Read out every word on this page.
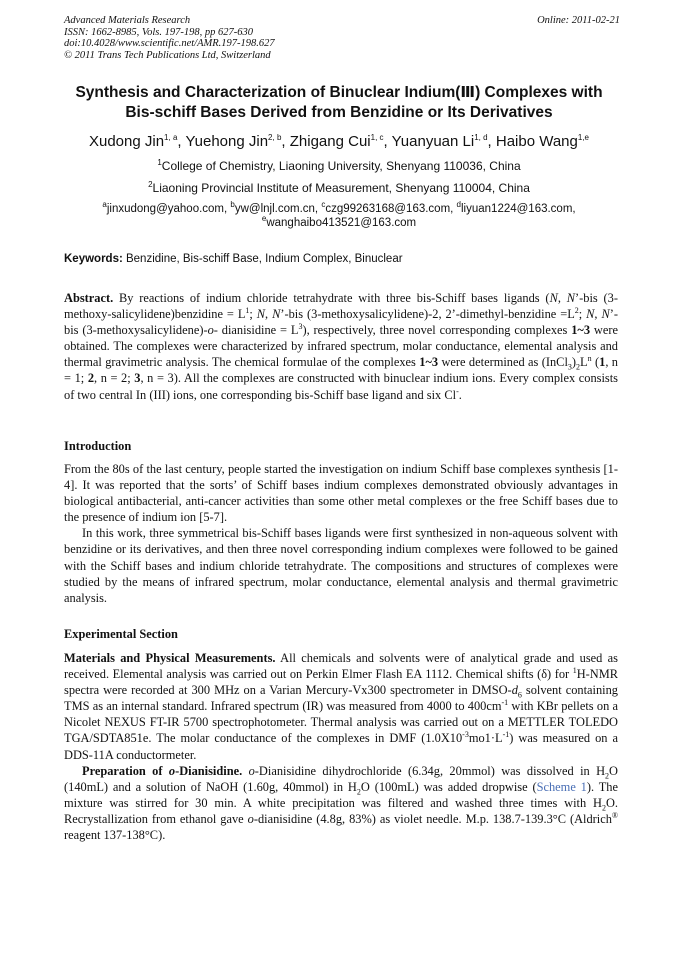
Advanced Materials Research
ISSN: 1662-8985, Vols. 197-198, pp 627-630
doi:10.4028/www.scientific.net/AMR.197-198.627
© 2011 Trans Tech Publications Ltd, Switzerland
Online: 2011-02-21
Synthesis and Characterization of Binuclear Indium(Ⅲ) Complexes with
Bis-schiff Bases Derived from Benzidine or Its Derivatives
Xudong Jin$^{1, a}$, Yuehong Jin$^{2, b}$, Zhigang Cui$^{1, c}$, Yuanyuan Li$^{1, d}$, Haibo Wang$^{1,e}$
$^1$College of Chemistry, Liaoning University, Shenyang 110036, China
$^2$Liaoning Provincial Institute of Measurement, Shenyang 110004, China
$^a$jinxudong@yahoo.com, $^b$yw@lnjl.com.cn, $^c$czg99263168@163.com, $^d$liyuan1224@163.com,
$^e$wanghaibo413521@163.com
Keywords: Benzidine, Bis-schiff Base, Indium Complex, Binuclear
Abstract. By reactions of indium chloride tetrahydrate with three bis-Schiff bases ligands (N, N’-bis (3-methoxy-salicylidene)benzidine = $L^1$; N, N’-bis (3-methoxysalicylidene)-2, 2’-dimethyl-benzidine $=L^2$; N, N’-bis (3-methoxysalicylidene)-o- dianisidine = $L^3$), respectively, three novel corresponding complexes 1~3 were obtained. The complexes were characterized by infrared spectrum, molar conductance, elemental analysis and thermal gravimetric analysis. The chemical formulae of the complexes 1~3 were determined as $(InCl_3)_2L^n$ (1, n = 1; 2, n = 2; 3, n = 3). All the complexes are constructed with binuclear indium ions. Every complex consists of two central In (III) ions, one corresponding bis-Schiff base ligand and six Cl-.
Introduction
From the 80s of the last century, people started the investigation on indium Schiff base complexes synthesis [1-4]. It was reported that the sorts’ of Schiff bases indium complexes demonstrated obviously advantages in biological antibacterial, anti-cancer activities than some other metal complexes or the free Schiff bases due to the presence of indium ion [5-7].
In this work, three symmetrical bis-Schiff bases ligands were first synthesized in non-aqueous solvent with benzidine or its derivatives, and then three novel corresponding indium complexes were followed to be gained with the Schiff bases and indium chloride tetrahydrate. The compositions and structures of complexes were studied by the means of infrared spectrum, molar conductance, elemental analysis and thermal gravimetric analysis.
Experimental Section
Materials and Physical Measurements. All chemicals and solvents were of analytical grade and used as received. Elemental analysis was carried out on Perkin Elmer Flash EA 1112. Chemical shifts (δ) for $^1$H-NMR spectra were recorded at 300 MHz on a Varian Mercury-Vx300 spectrometer in DMSO-$d_6$ solvent containing TMS as an internal standard. Infrared spectrum (IR) was measured from 4000 to $400cm^{-1}$ with KBr pellets on a Nicolet NEXUS FT-IR 5700 spectrophotometer. Thermal analysis was carried out on a METTLER TOLEDO TGA/SDTA851e. The molar conductance of the complexes in DMF $(1.0X10^{-3}mo1\cdot L^{-1})$ was measured on a DDS-11A conductormeter.
Preparation of o-Dianisidine. o-Dianisidine dihydrochloride (6.34g, 20mmol) was dissolved in $H_2O$ (140mL) and a solution of NaOH (1.60g, 40mmol) in $H_2O$ (100mL) was added dropwise (Scheme 1). The mixture was stirred for 30 min. A white precipitation was filtered and washed three times with $H_2O$. Recrystallization from ethanol gave o-dianisidine (4.8g, 83%) as violet needle. M.p. 138.7-139.3°C (Aldrich® reagent 137-138°C).
